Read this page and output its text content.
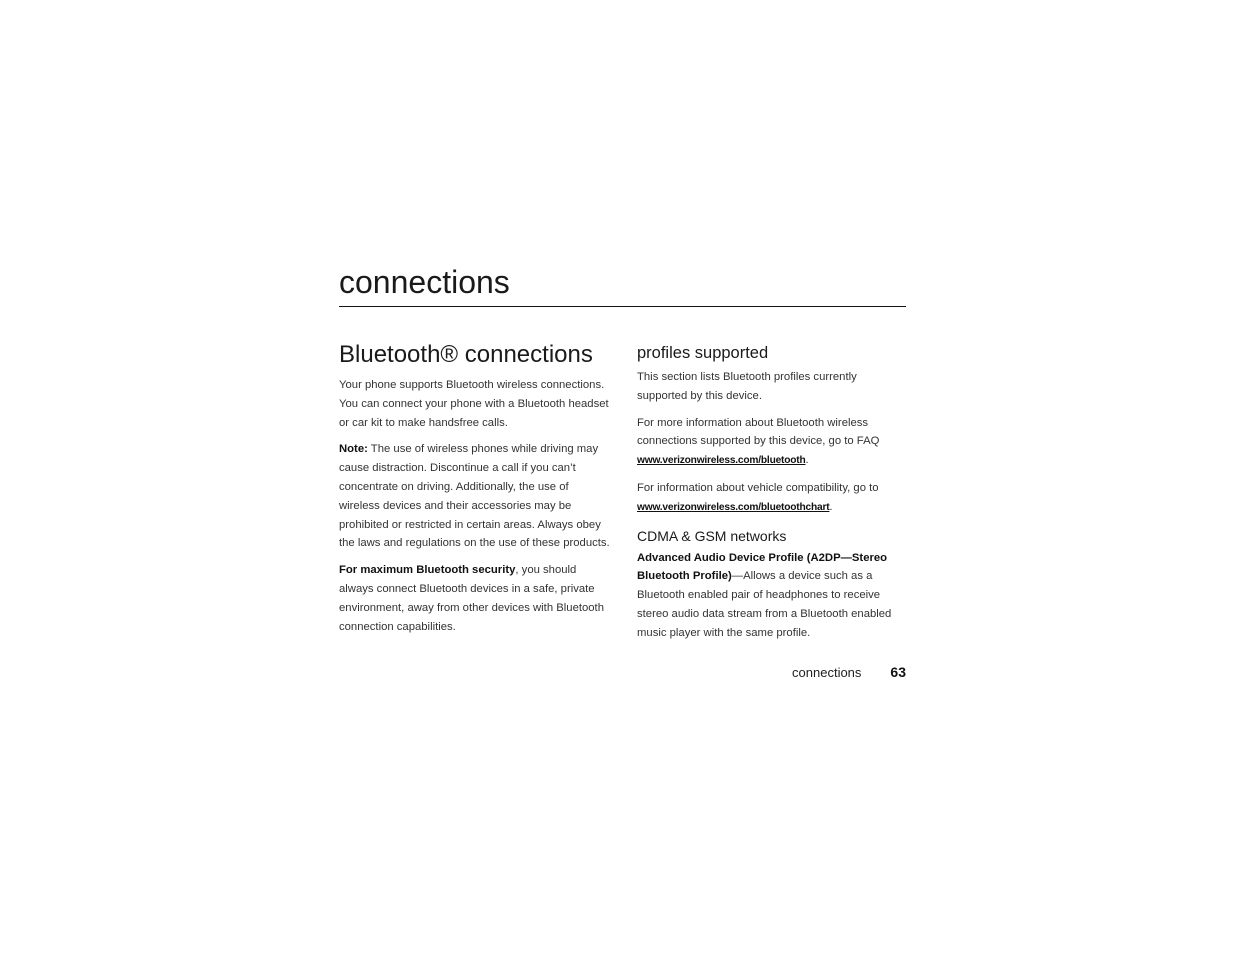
connections
Bluetooth® connections

Your phone supports Bluetooth wireless connections. You can connect your phone with a Bluetooth headset or car kit to make handsfree calls.

Note: The use of wireless phones while driving may cause distraction. Discontinue a call if you can’t concentrate on driving. Additionally, the use of wireless devices and their accessories may be prohibited or restricted in certain areas. Always obey the laws and regulations on the use of these products.

For maximum Bluetooth security, you should always connect Bluetooth devices in a safe, private environment, away from other devices with Bluetooth connection capabilities.

profiles supported

This section lists Bluetooth profiles currently supported by this device.

For more information about Bluetooth wireless connections supported by this device, go to FAQ www.verizonwireless.com/bluetooth.

For information about vehicle compatibility, go to www.verizonwireless.com/bluetoothchart.

CDMA & GSM networks

Advanced Audio Device Profile (A2DP—Stereo Bluetooth Profile)—Allows a device such as a Bluetooth enabled pair of headphones to receive stereo audio data stream from a Bluetooth enabled music player with the same profile.

connections 63
